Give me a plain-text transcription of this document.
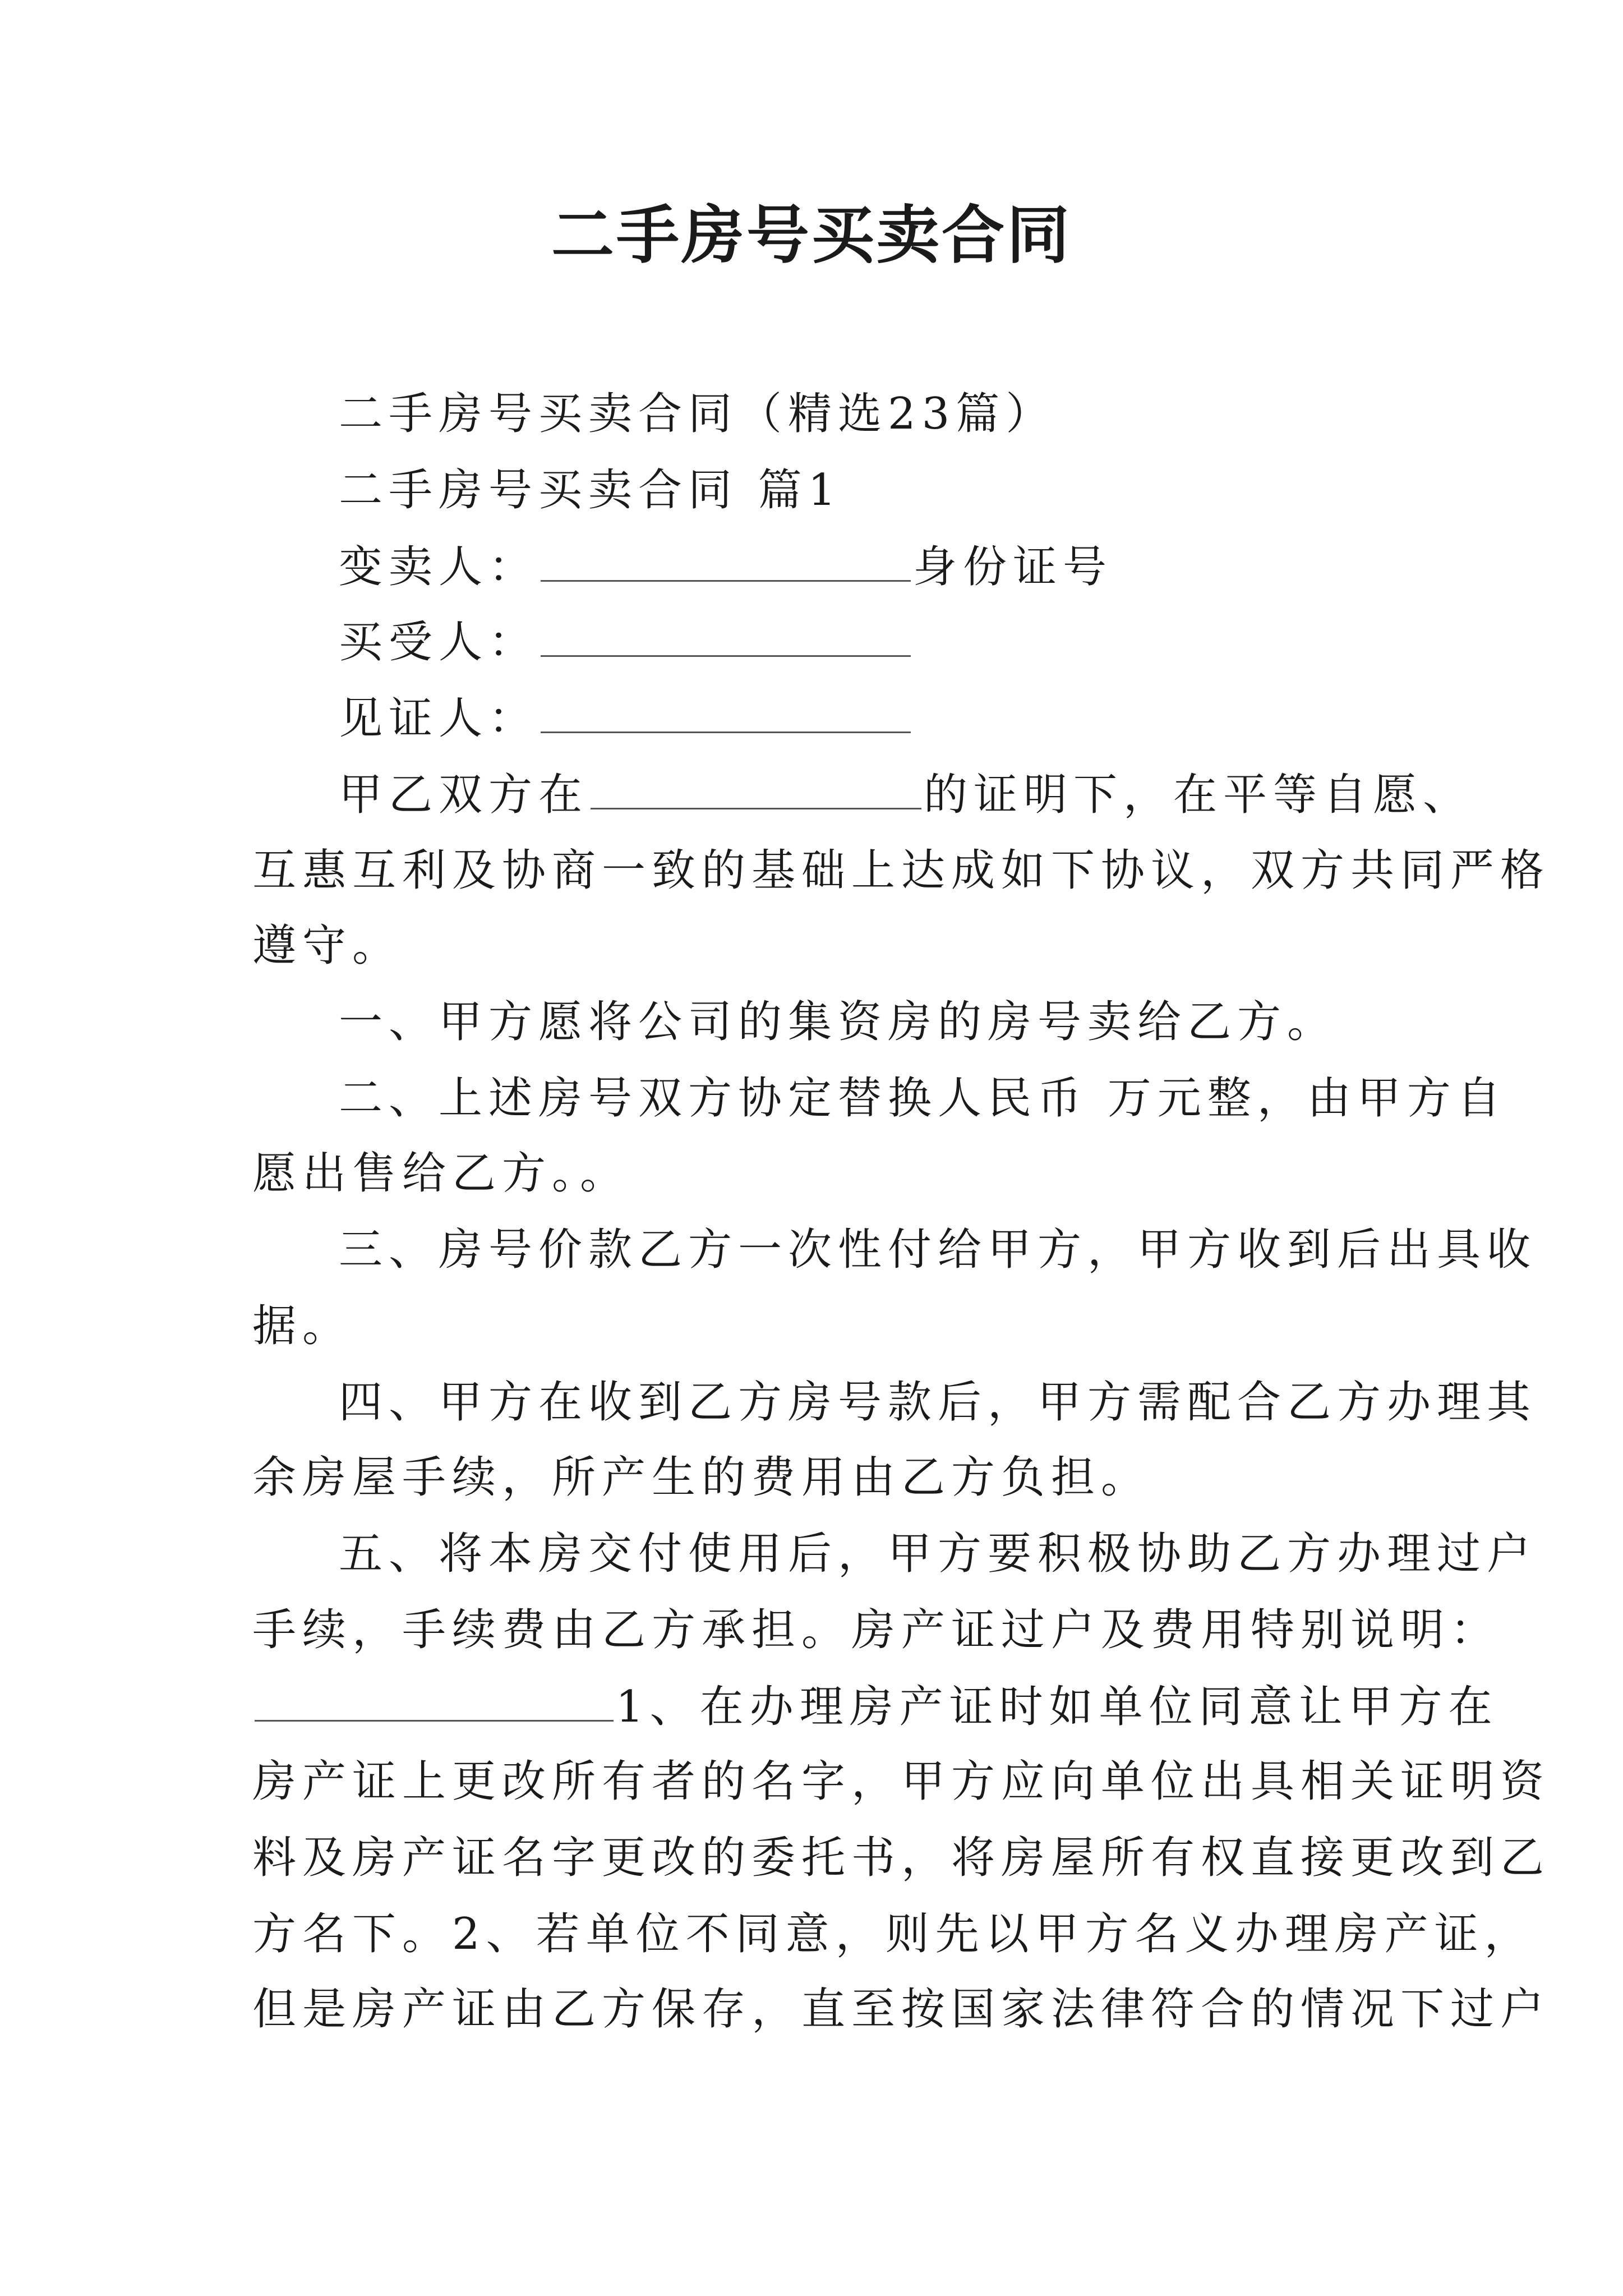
二手房号买卖合同
二手房号买卖合同（精选23篇）
二手房号买卖合同 篇1
变卖人：	身份证号
买受人：
见证人：
甲乙双方在	的证明下，在平等自愿、
互惠互利及协商一致的基础上达成如下协议，双方共同严格
遵守。
一、甲方愿将公司的集资房的房号卖给乙方。
二、上述房号双方协定替换人民币 万元整，由甲方自
愿出售给乙方。。
三、房号价款乙方一次性付给甲方，甲方收到后出具收
据。
四、甲方在收到乙方房号款后，甲方需配合乙方办理其
余房屋手续，所产生的费用由乙方负担。
五、将本房交付使用后，甲方要积极协助乙方办理过户
手续，手续费由乙方承担。房产证过户及费用特别说明：
1、在办理房产证时如单位同意让甲方在
房产证上更改所有者的名字，甲方应向单位出具相关证明资
料及房产证名字更改的委托书，将房屋所有权直接更改到乙
方名下。2、若单位不同意，则先以甲方名义办理房产证，
但是房产证由乙方保存，直至按国家法律符合的情况下过户
